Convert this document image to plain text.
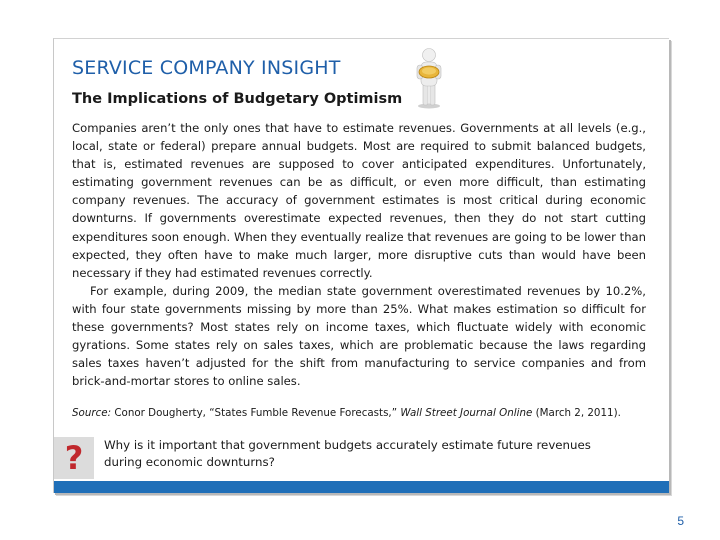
SERVICE COMPANY INSIGHT
The Implications of Budgetary Optimism

Companies aren’t the only ones that have to estimate revenues. Governments at all levels (e.g., local, state or federal) prepare annual budgets. Most are required to submit balanced budgets, that is, estimated revenues are supposed to cover anticipated expenditures. Unfortunately, estimating government revenues can be as difficult, or even more difficult, than estimating company revenues. The accuracy of government estimates is most critical during economic downturns. If governments overestimate expected revenues, then they do not start cutting expenditures soon enough. When they eventually realize that revenues are going to be lower than expected, they often have to make much larger, more disruptive cuts than would have been necessary if they had estimated revenues correctly.

For example, during 2009, the median state government overestimated revenues by 10.2%, with four state governments missing by more than 25%. What makes estimation so difficult for these governments? Most states rely on income taxes, which fluctuate widely with economic gyrations. Some states rely on sales taxes, which are problematic because the laws regarding sales taxes haven’t adjusted for the shift from manufacturing to service companies and from brick-and-mortar stores to online sales.

Source: Conor Dougherty, “States Fumble Revenue Forecasts,” Wall Street Journal Online (March 2, 2011).
? Why is it important that government budgets accurately estimate future revenues during economic downturns?
5
